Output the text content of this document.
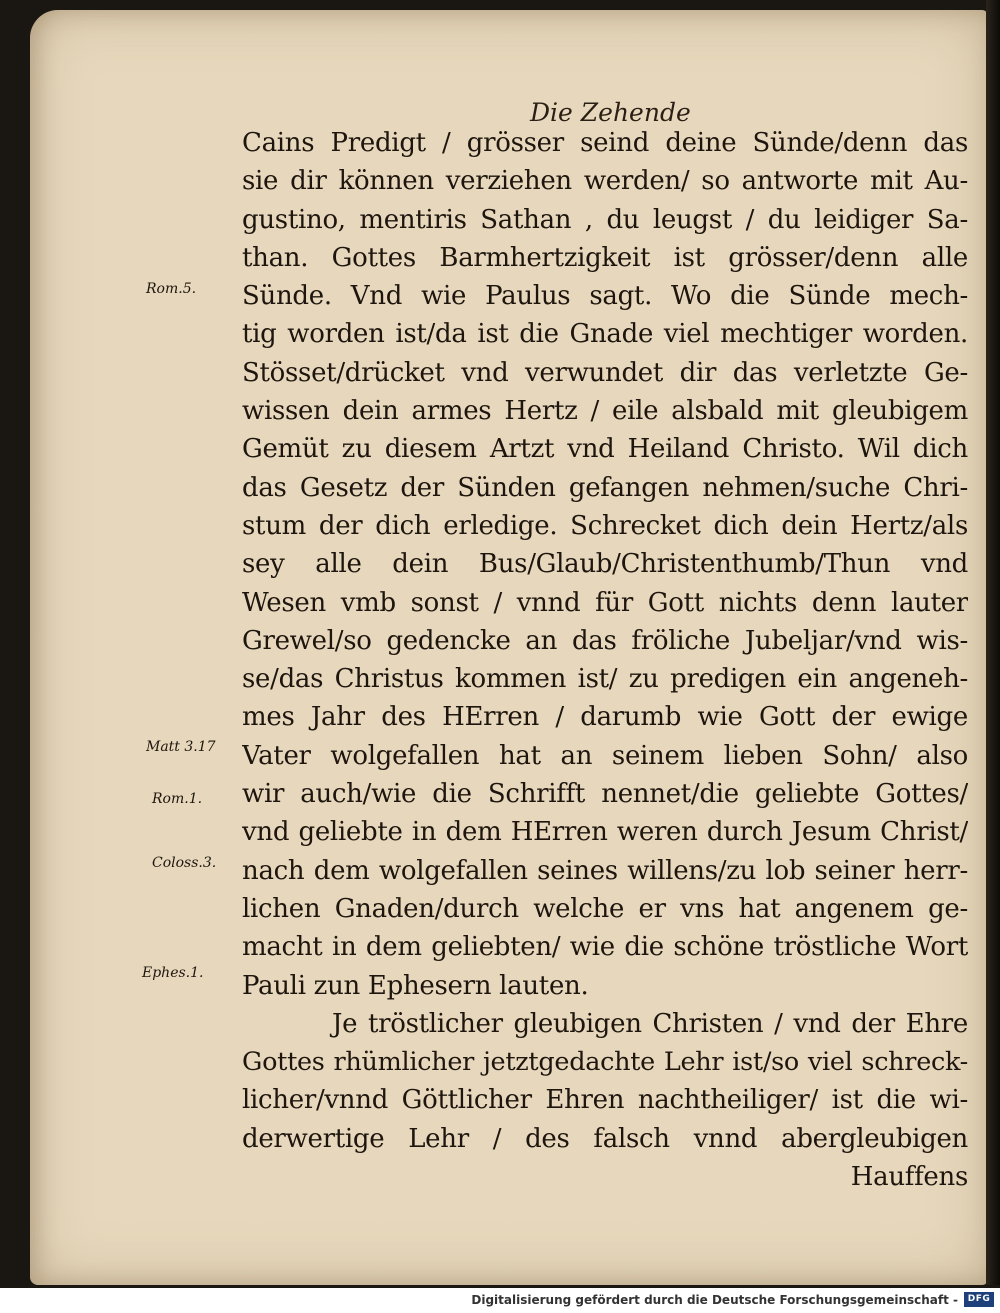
Die Zehende
Rom.5.
Matt 3.17
Rom.1.
Coloss.3.
Ephes.1.
Cains Predigt / grösser seind deine Sünde/denn das
sie dir können verziehen werden/ so antworte mit Au-
gustino, mentiris Sathan , du leugst / du leidiger Sa-
than. Gottes Barmhertzigkeit ist grösser/denn alle
Sünde. Vnd wie Paulus sagt. Wo die Sünde mech-
tig worden ist/da ist die Gnade viel mechtiger worden.
Stösset/drücket vnd verwundet dir das verletzte Ge-
wissen dein armes Hertz / eile alsbald mit gleubigem
Gemüt zu diesem Artzt vnd Heiland Christo. Wil dich
das Gesetz der Sünden gefangen nehmen/suche Chri-
stum der dich erledige. Schrecket dich dein Hertz/als
sey alle dein Bus/Glaub/Christenthumb/Thun vnd
Wesen vmb sonst / vnnd für Gott nichts denn lauter
Grewel/so gedencke an das fröliche Jubeljar/vnd wis-
se/das Christus kommen ist/ zu predigen ein angeneh-
mes Jahr des HErren / darumb wie Gott der ewige
Vater wolgefallen hat an seinem lieben Sohn/ also
wir auch/wie die Schrifft nennet/die geliebte Gottes/
vnd geliebte in dem HErren weren durch Jesum Christ/
nach dem wolgefallen seines willens/zu lob seiner herr-
lichen Gnaden/durch welche er vns hat angenem ge-
macht in dem geliebten/ wie die schöne tröstliche Wort
Pauli zun Ephesern lauten.
Je tröstlicher gleubigen Christen / vnd der Ehre
Gottes rhümlicher jetztgedachte Lehr ist/so viel schreck-
licher/vnnd Göttlicher Ehren nachtheiliger/ ist die wi-
derwertige Lehr / des falsch vnnd abergleubigen
Hauffens
Digitalisierung gefördert durch die Deutsche Forschungsgemeinschaft -	DFG
